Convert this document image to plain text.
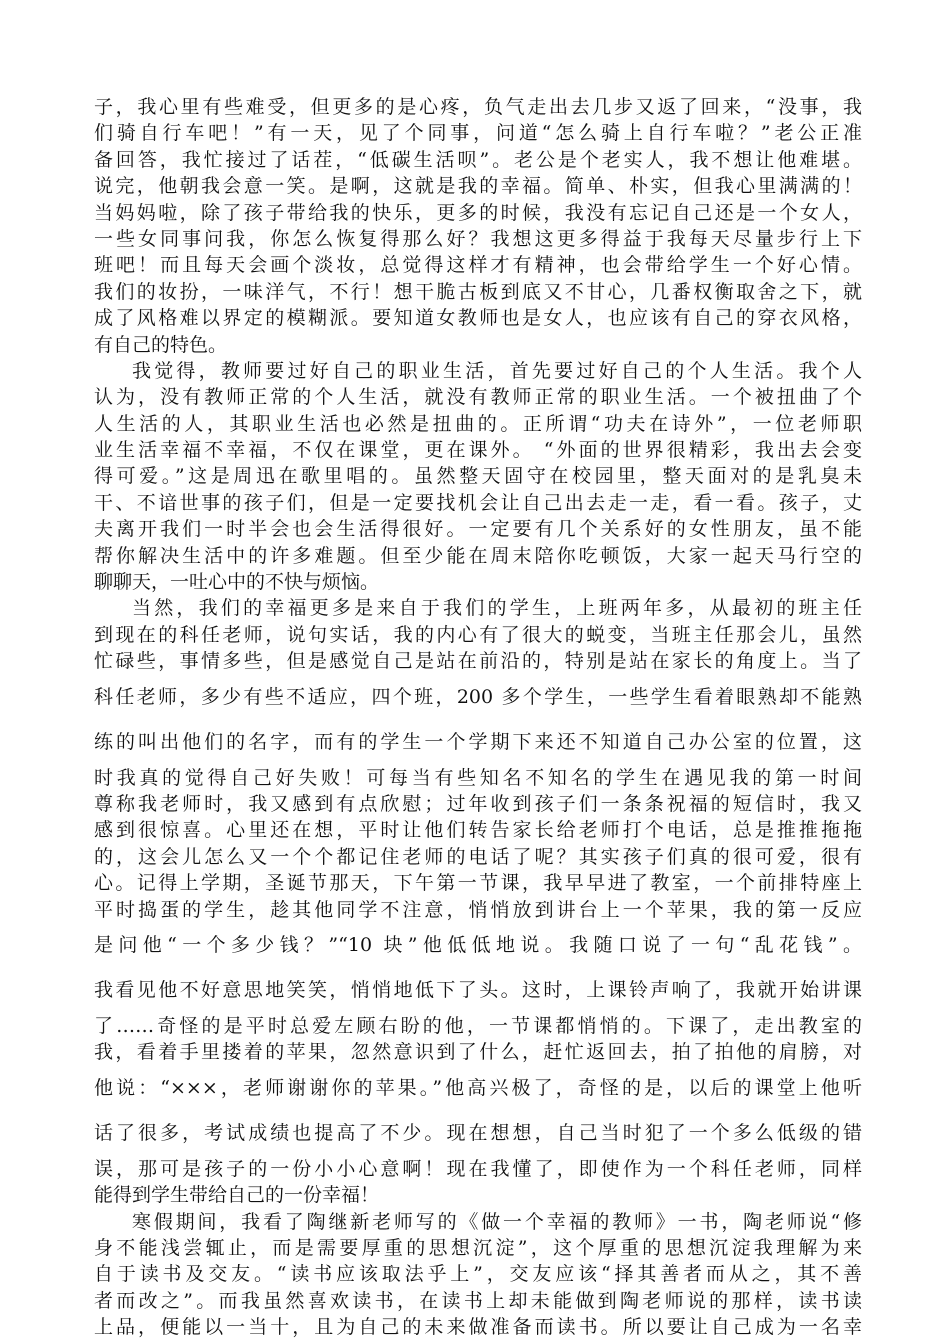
子，我心里有些难受，但更多的是心疼，负气走出去几步又返了回来，“没事，我
们骑自行车吧！”有一天，见了个同事，问道“怎么骑上自行车啦？”老公正准
备回答，我忙接过了话茬，“低碳生活呗”。老公是个老实人，我不想让他难堪。
说完，他朝我会意一笑。是啊，这就是我的幸福。简单、朴实，但我心里满满的！
当妈妈啦，除了孩子带给我的快乐，更多的时候，我没有忘记自己还是一个女人，
一些女同事问我，你怎么恢复得那么好？我想这更多得益于我每天尽量步行上下
班吧！而且每天会画个淡妆，总觉得这样才有精神，也会带给学生一个好心情。
我们的妆扮，一味洋气，不行！想干脆古板到底又不甘心，几番权衡取舍之下，就
成了风格难以界定的模糊派。要知道女教师也是女人，也应该有自己的穿衣风格，
有自己的特色。
我觉得，教师要过好自己的职业生活，首先要过好自己的个人生活。我个人
认为，没有教师正常的个人生活，就没有教师正常的职业生活。一个被扭曲了个
人生活的人，其职业生活也必然是扭曲的。正所谓“功夫在诗外”，一位老师职
业生活幸福不幸福，不仅在课堂，更在课外。 “外面的世界很精彩，我出去会变
得可爱。”这是周迅在歌里唱的。虽然整天固守在校园里，整天面对的是乳臭未
干、不谙世事的孩子们，但是一定要找机会让自己出去走一走，看一看。孩子，丈
夫离开我们一时半会也会生活得很好。一定要有几个关系好的女性朋友，虽不能
帮你解决生活中的许多难题。但至少能在周末陪你吃顿饭，大家一起天马行空的
聊聊天，一吐心中的不快与烦恼。
当然，我们的幸福更多是来自于我们的学生，上班两年多，从最初的班主任
到现在的科任老师，说句实话，我的内心有了很大的蜕变，当班主任那会儿，虽然
忙碌些，事情多些，但是感觉自己是站在前沿的，特别是站在家长的角度上。当了
科任老师，多少有些不适应，四个班，200 多个学生，一些学生看着眼熟却不能熟
练的叫出他们的名字，而有的学生一个学期下来还不知道自己办公室的位置，这
时我真的觉得自己好失败！可每当有些知名不知名的学生在遇见我的第一时间
尊称我老师时，我又感到有点欣慰；过年收到孩子们一条条祝福的短信时，我又
感到很惊喜。心里还在想，平时让他们转告家长给老师打个电话，总是推推拖拖
的，这会儿怎么又一个个都记住老师的电话了呢？其实孩子们真的很可爱，很有
心。记得上学期，圣诞节那天，下午第一节课，我早早进了教室，一个前排特座上
平时捣蛋的学生，趁其他同学不注意，悄悄放到讲台上一个苹果，我的第一反应
是问他“一个多少钱？”“10 块”他低低地说。我随口说了一句“乱花钱”。
我看见他不好意思地笑笑，悄悄地低下了头。这时，上课铃声响了，我就开始讲课
了……奇怪的是平时总爱左顾右盼的他，一节课都悄悄的。下课了，走出教室的
我，看着手里搂着的苹果，忽然意识到了什么，赶忙返回去，拍了拍他的肩膀，对
他说：“×××，老师谢谢你的苹果。”他高兴极了，奇怪的是，以后的课堂上他听
话了很多，考试成绩也提高了不少。现在想想，自己当时犯了一个多么低级的错
误，那可是孩子的一份小小心意啊！现在我懂了，即使作为一个科任老师，同样
能得到学生带给自己的一份幸福！
寒假期间，我看了陶继新老师写的《做一个幸福的教师》一书，陶老师说“修
身不能浅尝辄止，而是需要厚重的思想沉淀”，这个厚重的思想沉淀我理解为来
自于读书及交友。“读书应该取法乎上”，交友应该“择其善者而从之，其不善
者而改之”。而我虽然喜欢读书，在读书上却未能做到陶老师说的那样，读书读
上品，便能以一当十，且为自己的未来做准备而读书。所以要让自己成为一名幸
